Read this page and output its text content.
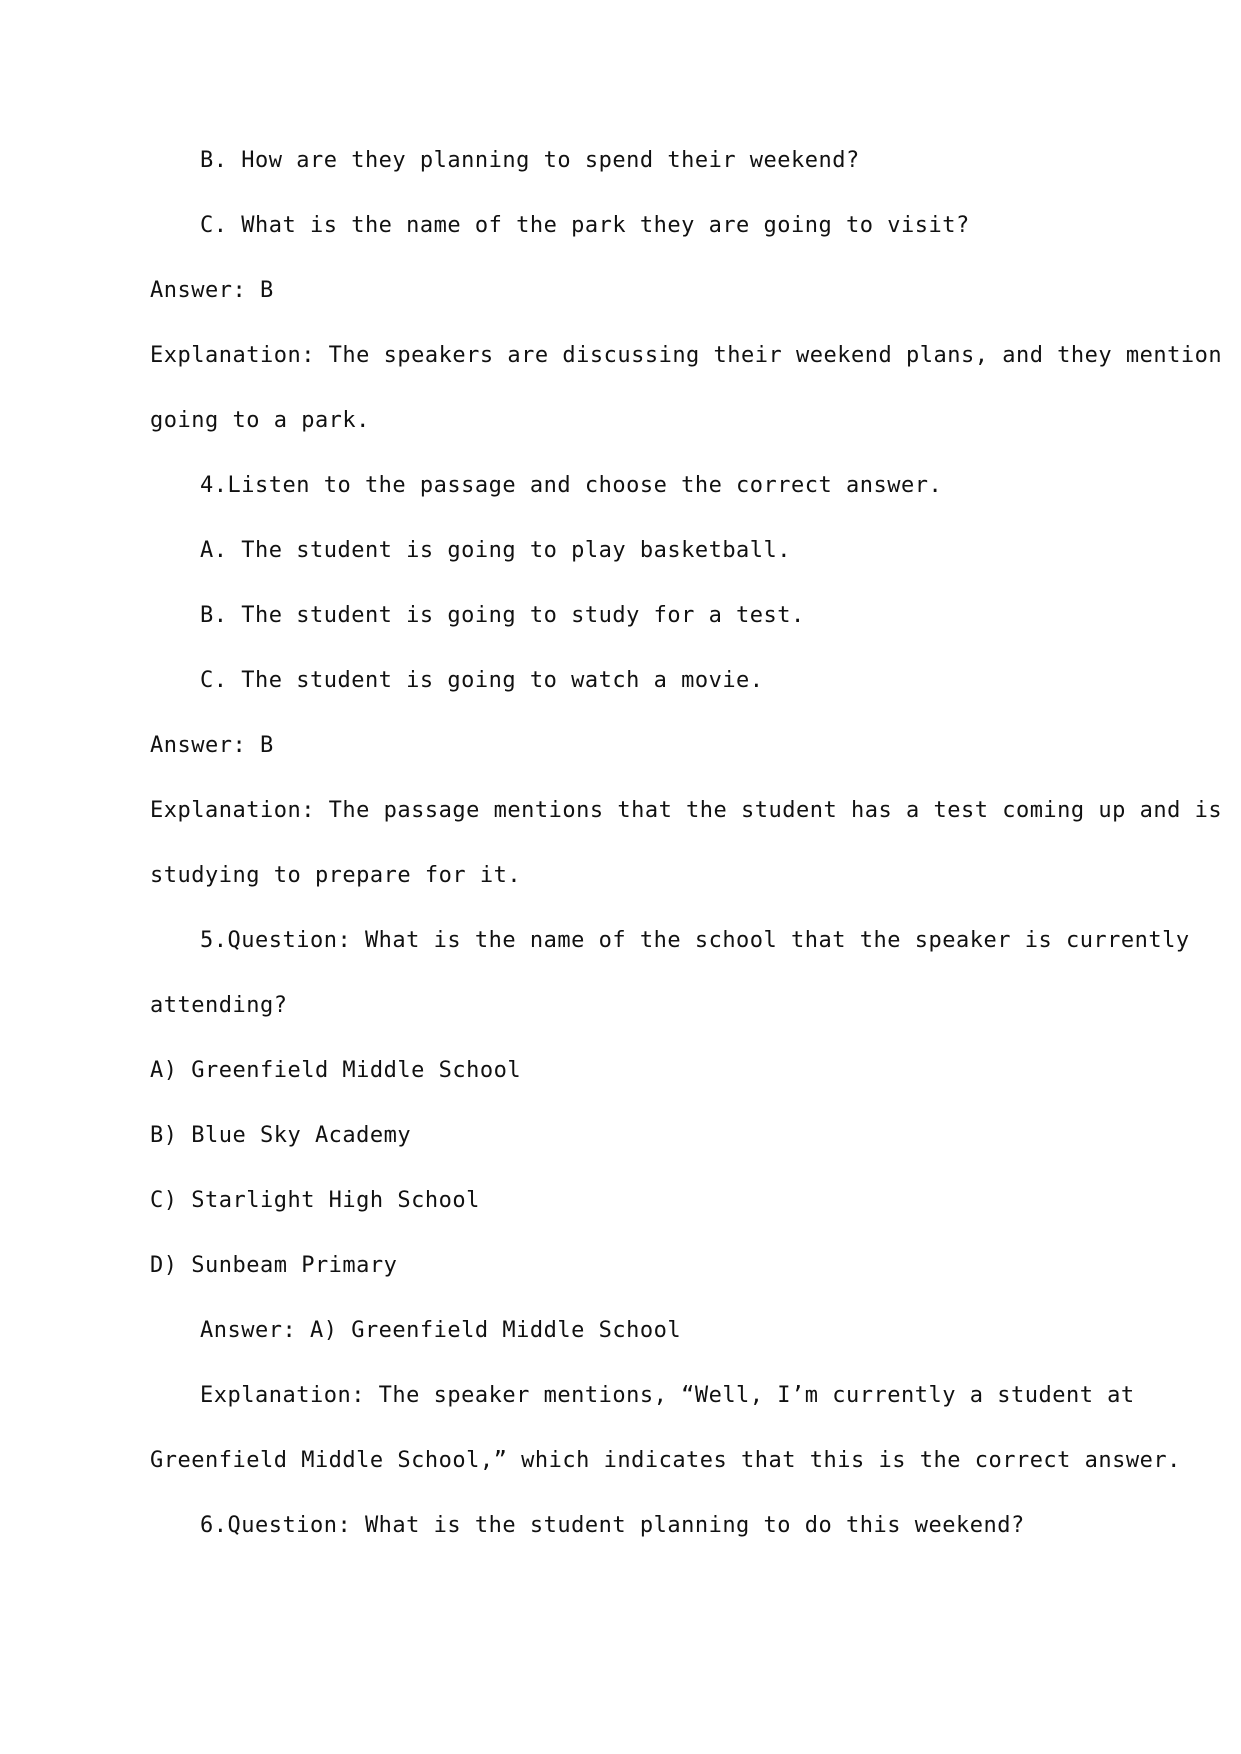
B. How are they planning to spend their weekend?
C. What is the name of the park they are going to visit?
Answer: B
Explanation: The speakers are discussing their weekend plans, and they mention
going to a park.
4.Listen to the passage and choose the correct answer.
A. The student is going to play basketball.
B. The student is going to study for a test.
C. The student is going to watch a movie.
Answer: B
Explanation: The passage mentions that the student has a test coming up and is
studying to prepare for it.
5.Question: What is the name of the school that the speaker is currently
attending?
A) Greenfield Middle School
B) Blue Sky Academy
C) Starlight High School
D) Sunbeam Primary
Answer: A) Greenfield Middle School
Explanation: The speaker mentions, “Well, I’m currently a student at
Greenfield Middle School,” which indicates that this is the correct answer.
6.Question: What is the student planning to do this weekend?
